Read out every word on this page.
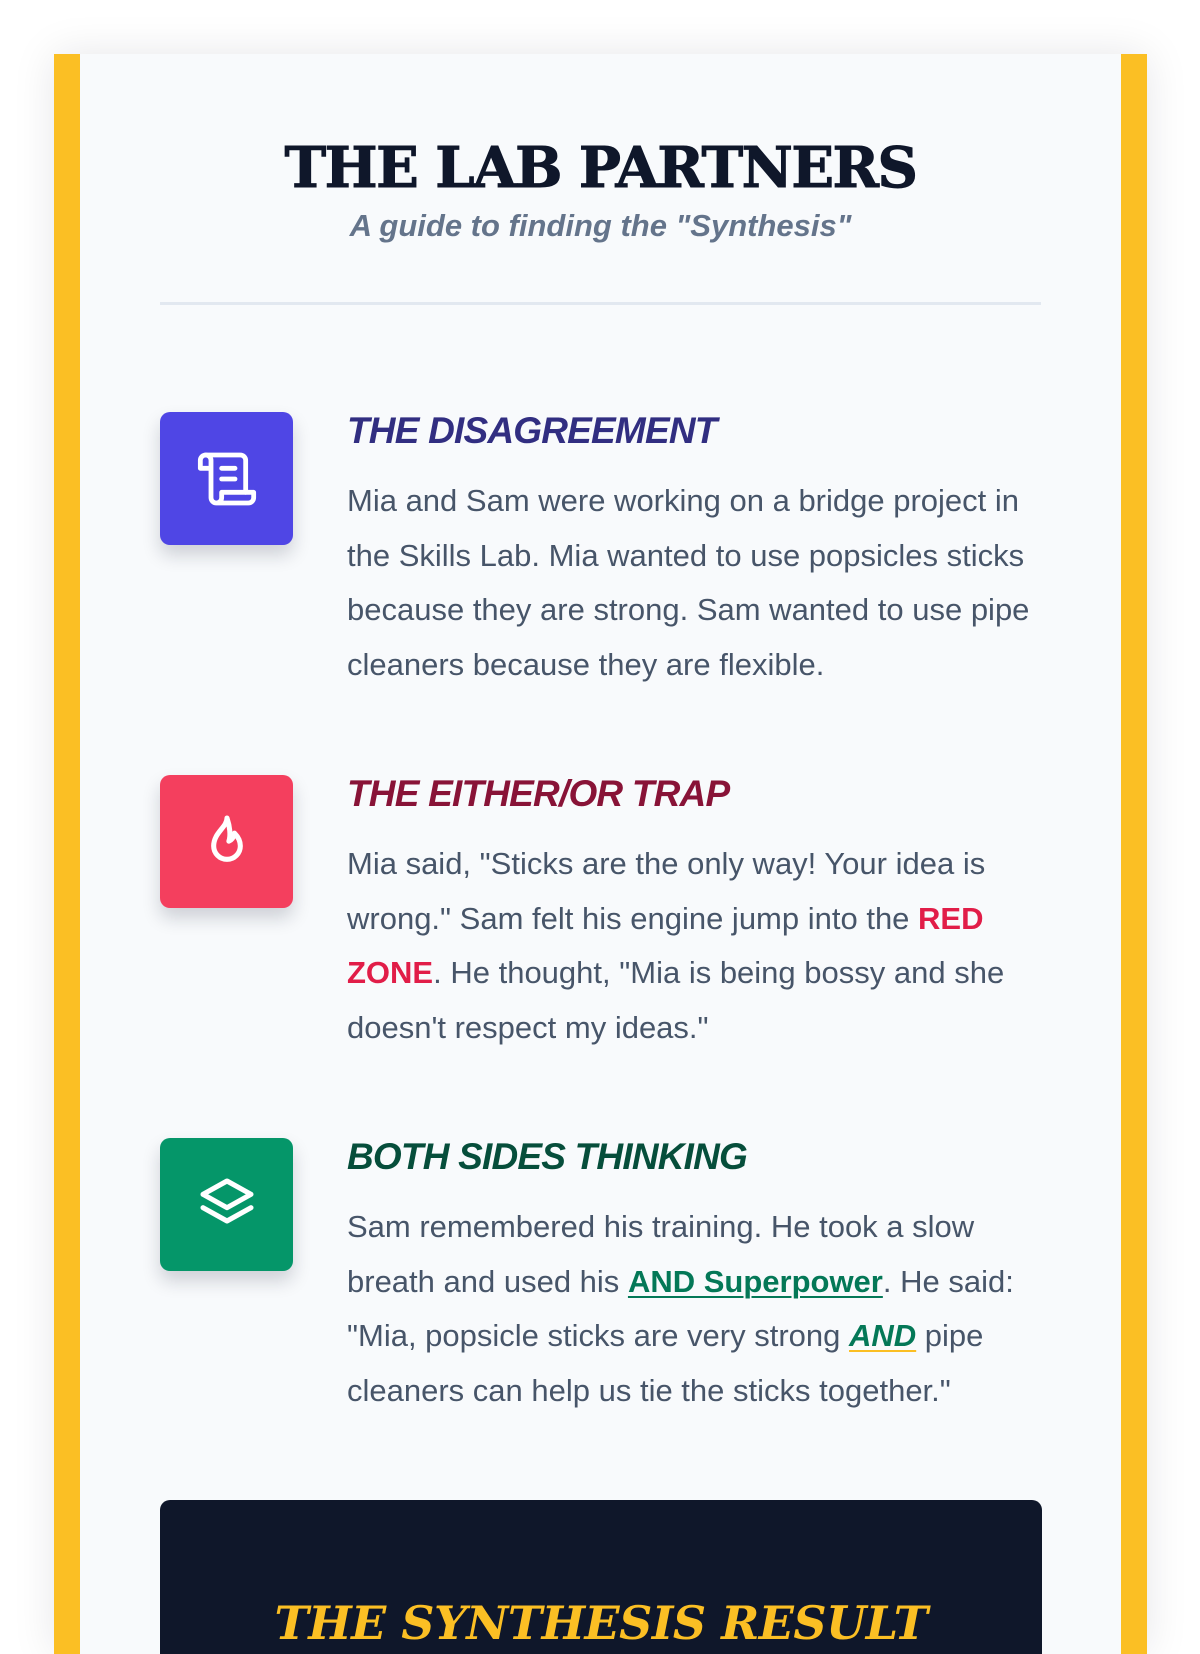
THE LAB PARTNERS

A guide to finding the "Synthesis"

THE DISAGREEMENT

Mia and Sam were working on a bridge project in the Skills Lab. Mia wanted to use popsicles sticks because they are strong. Sam wanted to use pipe cleaners because they are flexible.

THE EITHER/OR TRAP

Mia said, "Sticks are the only way! Your idea is wrong." Sam felt his engine jump into the RED ZONE. He thought, "Mia is being bossy and she doesn't respect my ideas."

BOTH SIDES THINKING

Sam remembered his training. He took a slow breath and used his AND Superpower. He said: "Mia, popsicle sticks are very strong AND pipe cleaners can help us tie the sticks together."

THE SYNTHESIS RESULT
